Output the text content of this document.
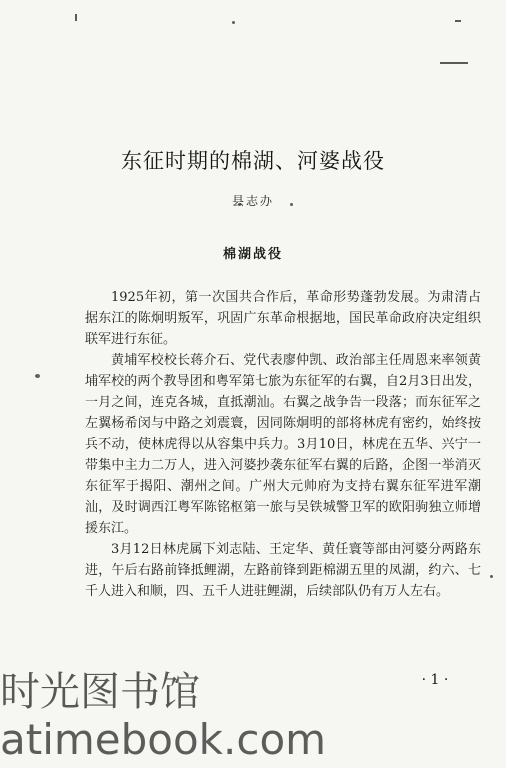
东征时期的棉湖、河婆战役
县志办
棉湖战役

1925年初，第一次国共合作后，革命形势蓬勃发展。为肃清占据东江的陈炯明叛军，巩固广东革命根据地，国民革命政府决定组织联军进行东征。

黄埔军校校长蒋介石、党代表廖仲凯、政治部主任周恩来率领黄埔军校的两个教导团和粤军第七旅为东征军的右翼，自2月3日出发，一月之间，连克各城，直抵潮汕。右翼之战争告一段落；而东征军之左翼杨希闵与中路之刘震寰，因同陈炯明的部将林虎有密约，始终按兵不动，使林虎得以从容集中兵力。3月10日，林虎在五华、兴宁一带集中主力二万人，进入河婆抄袭东征军右翼的后路，企图一举消灭东征军于揭阳、潮州之间。广州大元帅府为支持右翼东征军进军潮汕，及时调西江粤军陈铭枢第一旅与吴铁城警卫军的欧阳驹独立师增援东江。

3月12日林虎属下刘志陆、王定华、黄任寰等部由河婆分两路东进，午后右路前锋抵鲤湖，左路前锋到距棉湖五里的凤湖，约六、七千人进入和顺，四、五千人进驻鲤湖，后续部队仍有万人左右。

· 1 ·
时光图书馆
atimebook.com
